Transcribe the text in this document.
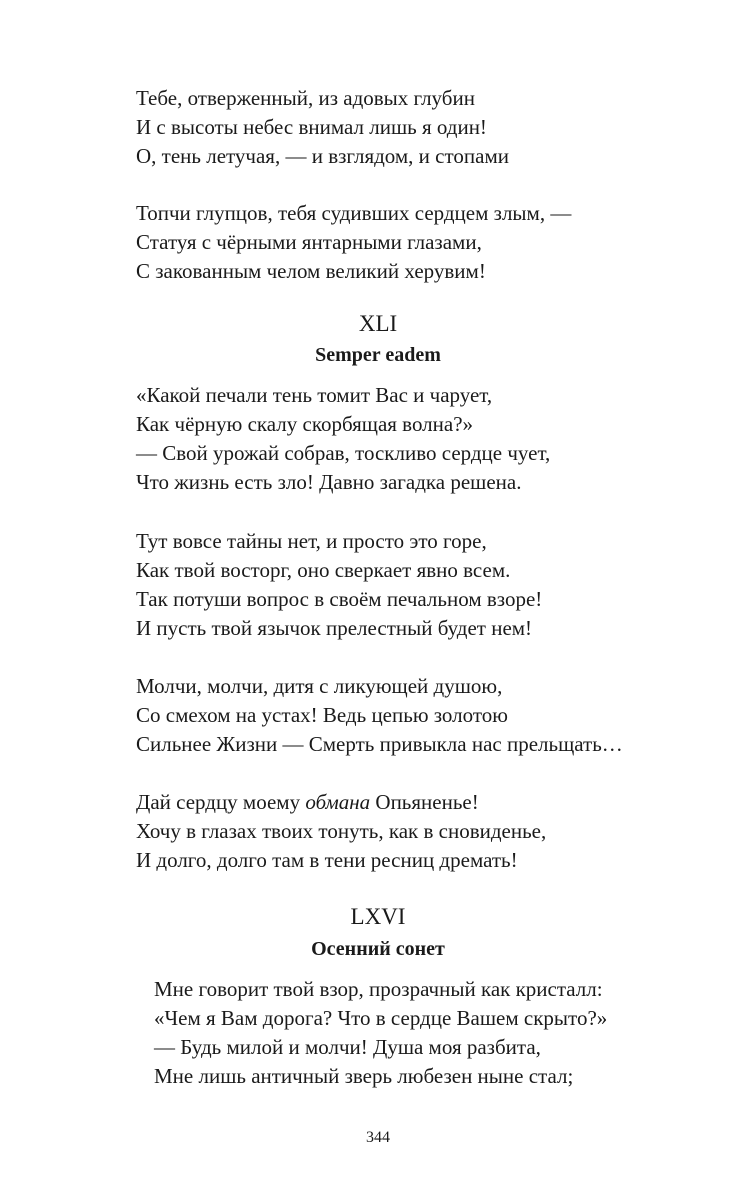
Тебе, отверженный, из адовых глубин
И с высоты небес внимал лишь я один!
О, тень летучая, — и взглядом, и стопами
Топчи глупцов, тебя судивших сердцем злым, —
Статуя с чёрными янтарными глазами,
С закованным челом великий херувим!
XLI
Semper eadem
«Какой печали тень томит Вас и чарует,
Как чёрную скалу скорбящая волна?»
— Свой урожай собрав, тоскливо сердце чует,
Что жизнь есть зло! Давно загадка решена.
Тут вовсе тайны нет, и просто это горе,
Как твой восторг, оно сверкает явно всем.
Так потуши вопрос в своём печальном взоре!
И пусть твой язычок прелестный будет нем!
Молчи, молчи, дитя с ликующей душою,
Со смехом на устах! Ведь цепью золотою
Сильнее Жизни — Смерть привыкла нас прельщать…
Дай сердцу моему обмана Опьяненье!
Хочу в глазах твоих тонуть, как в сновиденье,
И долго, долго там в тени ресниц дремать!
LXVI
Осенний сонет
Мне говорит твой взор, прозрачный как кристалл:
«Чем я Вам дорога? Что в сердце Вашем скрыто?»
— Будь милой и молчи! Душа моя разбита,
Мне лишь античный зверь любезен ныне стал;
344
